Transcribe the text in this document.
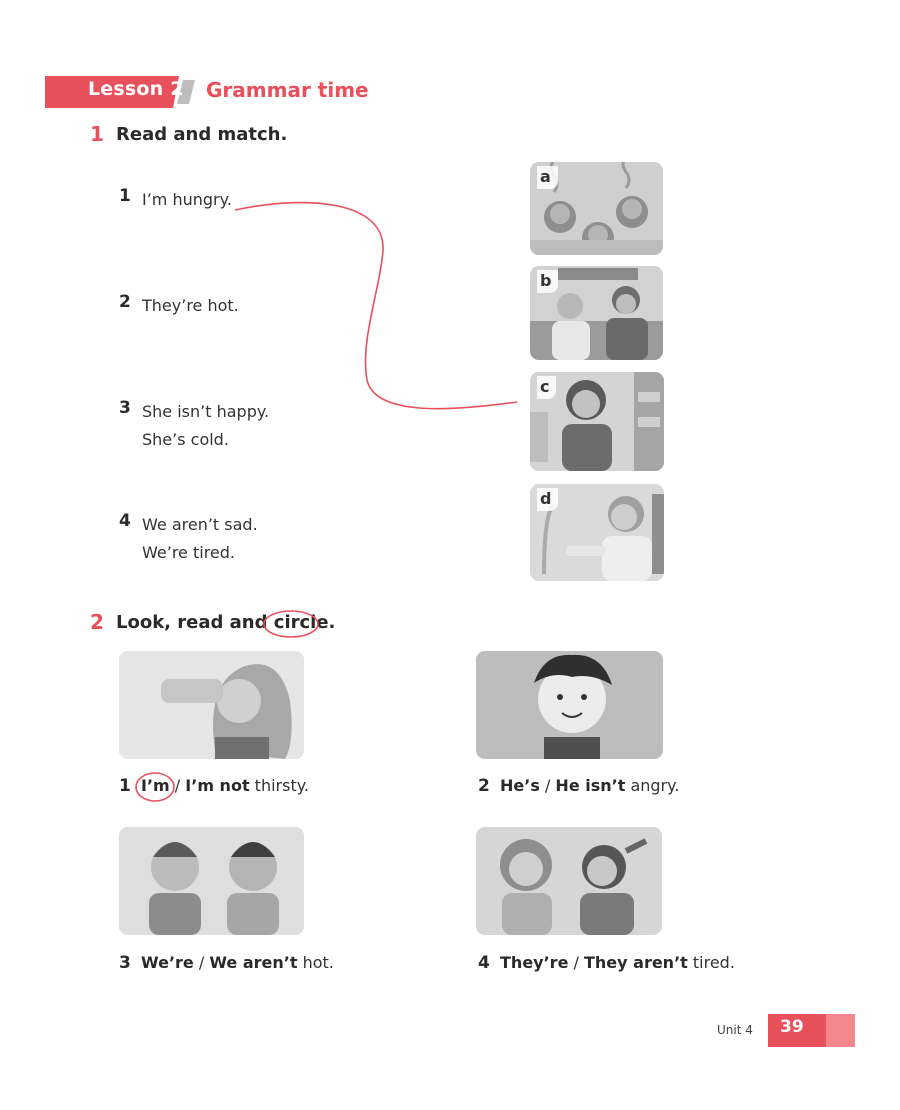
Lesson 2 Grammar time
1 Read and match.
1 I’m hungry.
2 They’re hot.
3 She isn’t happy.
She’s cold.
4 We aren’t sad.
We’re tired.
a
b
c
d
2 Look, read and circle.
1 I’m / I’m not thirsty.	2 He’s / He isn’t angry.
3 We’re / We aren’t hot.	4 They’re / They aren’t tired.
Unit 4 39
